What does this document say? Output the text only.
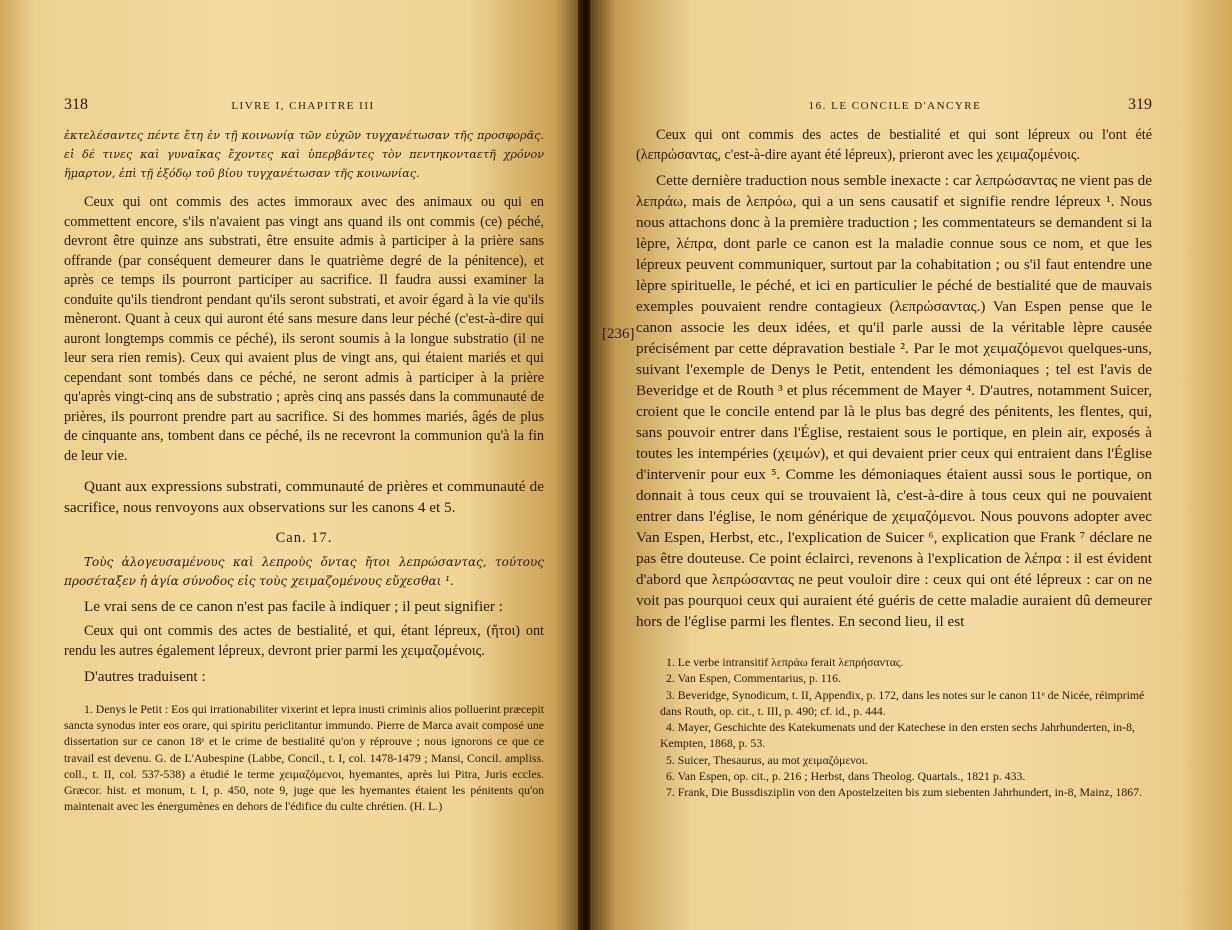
318	LIVRE I, CHAPITRE III

ἐκτελέσαντες πέντε ἔτη ἐν τῇ κοινωνίᾳ τῶν εὐχῶν τυγχανέτωσαν τῆς προσφορᾶς. εἰ δέ τινες καὶ γυναῖκας ἔχοντες καὶ ὑπερβάντες τὸν πεντηκονταετῆ χρόνον ἥμαρτον, ἐπὶ τῇ ἐξόδῳ τοῦ βίου τυγχανέτωσαν τῆς κοινωνίας.

Ceux qui ont commis des actes immoraux avec des animaux ou qui en commettent encore, s'ils n'avaient pas vingt ans quand ils ont commis (ce) péché, devront être quinze ans substrati, être ensuite admis à participer à la prière sans offrande (par conséquent demeurer dans le quatrième degré de la pénitence), et après ce temps ils pourront participer au sacrifice. Il faudra aussi examiner la conduite qu'ils tiendront pendant qu'ils seront substrati, et avoir égard à la vie qu'ils mèneront. Quant à ceux qui auront été sans mesure dans leur péché (c'est-à-dire qui auront longtemps commis ce péché), ils seront soumis à la longue substratio (il ne leur sera rien remis). Ceux qui avaient plus de vingt ans, qui étaient mariés et qui cependant sont tombés dans ce péché, ne seront admis à participer à la prière qu'après vingt-cinq ans de substratio ; après cinq ans passés dans la communauté de prières, ils pourront prendre part au sacrifice. Si des hommes mariés, âgés de plus de cinquante ans, tombent dans ce péché, ils ne recevront la communion qu'à la fin de leur vie.

Quant aux expressions substrati, communauté de prières et communauté de sacrifice, nous renvoyons aux observations sur les canons 4 et 5.

Can. 17.

Τοὺς ἀλογευσαμένους καὶ λεπροὺς ὄντας ἤτοι λεπρώσαντας, τούτους προσέταξεν ἡ ἁγία σύνοδος εἰς τοὺς χειμαζομένους εὔχεσθαι ¹.

Le vrai sens de ce canon n'est pas facile à indiquer ; il peut signifier :

Ceux qui ont commis des actes de bestialité, et qui, étant lépreux, (ἤτοι) ont rendu les autres également lépreux, devront prier parmi les χειμαζομένοις.

D'autres traduisent :

1. Denys le Petit : Eos qui irrationabiliter vixerint et lepra inusti criminis alios polluerint præcepit sancta synodus inter eos orare, qui spiritu periclitantur immundo. Pierre de Marca avait composé une dissertation sur ce canon 18ᵉ et le crime de bestialité qu'on y réprouve ; nous ignorons ce que ce travail est devenu. G. de L'Aubespine (Labbe, Concil., t. I, col. 1478-1479 ; Mansi, Concil. ampliss. coll., t. II, col. 537-538) a étudié le terme χειμαζόμενοι, hyemantes, après lui Pitra, Juris eccles. Græcor. hist. et monum, t. I, p. 450, note 9, juge que les hyemantes étaient les pénitents qu'on maintenait avec les énergumènes en dehors de l'édifice du culte chrétien. (H. L.)

[236]
16. LE CONCILE D'ANCYRE	319

Ceux qui ont commis des actes de bestialité et qui sont lépreux ou l'ont été (λεπρώσαντας, c'est-à-dire ayant été lépreux), prieront avec les χειμαζομένοις.

Cette dernière traduction nous semble inexacte : car λεπρώσαντας ne vient pas de λεπράω, mais de λεπρόω, qui a un sens causatif et signifie rendre lépreux ¹. Nous nous attachons donc à la première traduction ; les commentateurs se demandent si la lèpre, λέπρα, dont parle ce canon est la maladie connue sous ce nom, et que les lépreux peuvent communiquer, surtout par la cohabitation ; ou s'il faut entendre une lèpre spirituelle, le péché, et ici en particulier le péché de bestialité que de mauvais exemples pouvaient rendre contagieux (λεπρώσαντας.) Van Espen pense que le canon associe les deux idées, et qu'il parle aussi de la véritable lèpre causée précisément par cette dépravation bestiale ². Par le mot χειμαζόμενοι quelques-uns, suivant l'exemple de Denys le Petit, entendent les démoniaques ; tel est l'avis de Beveridge et de Routh ³ et plus récemment de Mayer ⁴. D'autres, notamment Suicer, croient que le concile entend par là le plus bas degré des pénitents, les flentes, qui, sans pouvoir entrer dans l'Église, restaient sous le portique, en plein air, exposés à toutes les intempéries (χειμών), et qui devaient prier ceux qui entraient dans l'Église d'intervenir pour eux ⁵. Comme les démoniaques étaient aussi sous le portique, on donnait à tous ceux qui se trouvaient là, c'est-à-dire à tous ceux qui ne pouvaient entrer dans l'église, le nom générique de χειμαζόμενοι. Nous pouvons adopter avec Van Espen, Herbst, etc., l'explication de Suicer ⁶, explication que Frank ⁷ déclare ne pas être douteuse. Ce point éclairci, revenons à l'explication de λέπρα : il est évident d'abord que λεπρώσαντας ne peut vouloir dire : ceux qui ont été lépreux : car on ne voit pas pourquoi ceux qui auraient été guéris de cette maladie auraient dû demeurer hors de l'église parmi les flentes. En second lieu, il est

1. Le verbe intransitif λεπράω ferait λεπρήσαντας.
2. Van Espen, Commentarius, p. 116.
3. Beveridge, Synodicum, t. II, Appendix, p. 172, dans les notes sur le canon 11ᵉ de Nicée, réimprimé dans Routh, op. cit., t. III, p. 490; cf. id., p. 444.
4. Mayer, Geschichte des Katekumenats und der Katechese in den ersten sechs Jahrhunderten, in-8, Kempten, 1868, p. 53.
5. Suicer, Thesaurus, au mot χειμαζόμενοι.
6. Van Espen, op. cit., p. 216 ; Herbst, dans Theolog. Quartals., 1821 p. 433.
7. Frank, Die Bussdisziplin von den Apostelzeiten bis zum siebenten Jahrhundert, in-8, Mainz, 1867.
